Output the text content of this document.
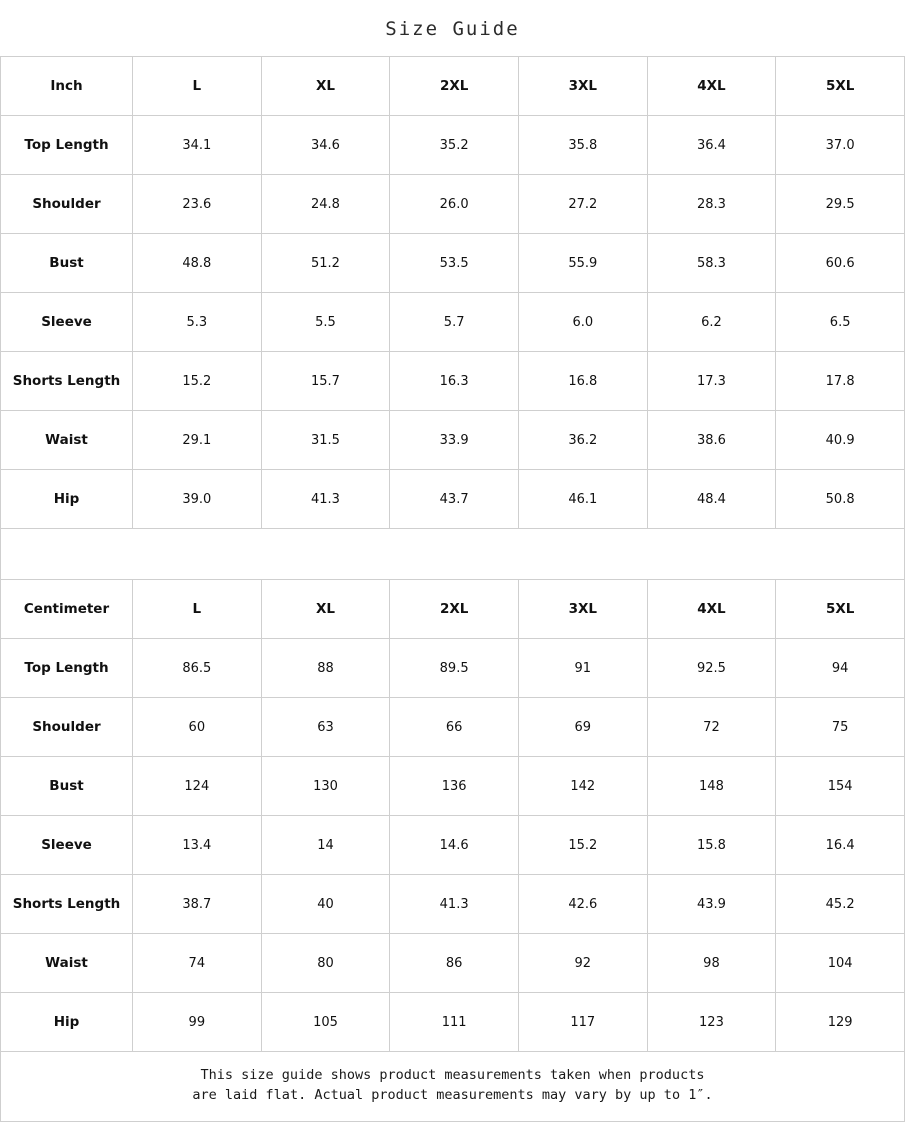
Size Guide
Inch	L	XL	2XL	3XL	4XL	5XL
Top Length	34.1	34.6	35.2	35.8	36.4	37.0
Shoulder	23.6	24.8	26.0	27.2	28.3	29.5
Bust	48.8	51.2	53.5	55.9	58.3	60.6
Sleeve	5.3	5.5	5.7	6.0	6.2	6.5
Shorts Length	15.2	15.7	16.3	16.8	17.3	17.8
Waist	29.1	31.5	33.9	36.2	38.6	40.9
Hip	39.0	41.3	43.7	46.1	48.4	50.8
Centimeter	L	XL	2XL	3XL	4XL	5XL
Top Length	86.5	88	89.5	91	92.5	94
Shoulder	60	63	66	69	72	75
Bust	124	130	136	142	148	154
Sleeve	13.4	14	14.6	15.2	15.8	16.4
Shorts Length	38.7	40	41.3	42.6	43.9	45.2
Waist	74	80	86	92	98	104
Hip	99	105	111	117	123	129
This size guide shows product measurements taken when products
are laid flat. Actual product measurements may vary by up to 1″.
